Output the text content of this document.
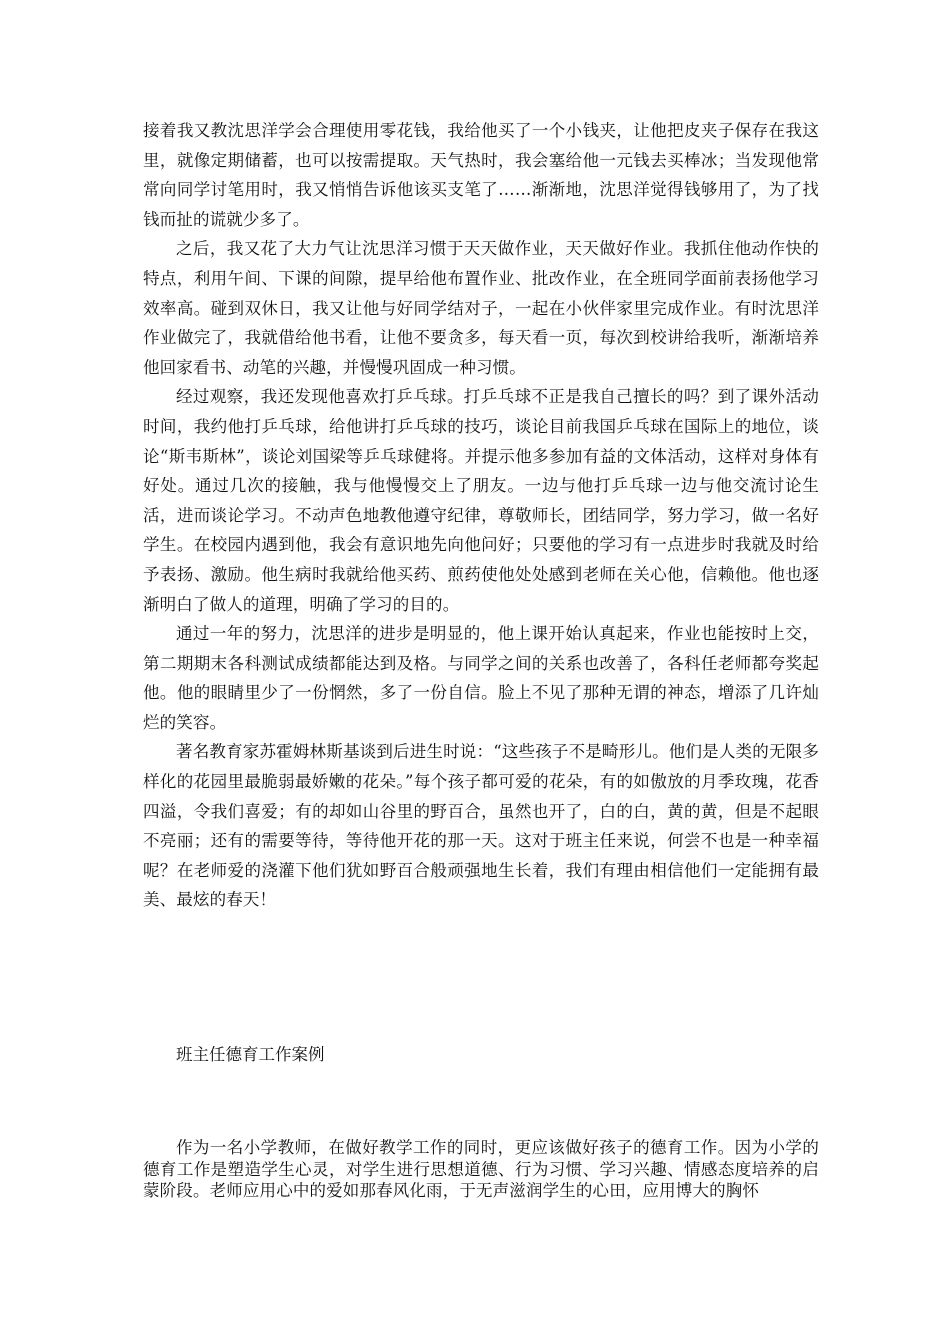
接着我又教沈思洋学会合理使用零花钱，我给他买了一个小钱夹，让他把皮夹子保存在我这里，就像定期储蓄，也可以按需提取。天气热时，我会塞给他一元钱去买棒冰；当发现他常常向同学讨笔用时，我又悄悄告诉他该买支笔了……渐渐地，沈思洋觉得钱够用了，为了找钱而扯的谎就少多了。

之后，我又花了大力气让沈思洋习惯于天天做作业，天天做好作业。我抓住他动作快的特点，利用午间、下课的间隙，提早给他布置作业、批改作业，在全班同学面前表扬他学习效率高。碰到双休日，我又让他与好同学结对子，一起在小伙伴家里完成作业。有时沈思洋作业做完了，我就借给他书看，让他不要贪多，每天看一页，每次到校讲给我听，渐渐培养他回家看书、动笔的兴趣，并慢慢巩固成一种习惯。

经过观察，我还发现他喜欢打乒乓球。打乒乓球不正是我自己擅长的吗？到了课外活动时间，我约他打乒乓球，给他讲打乒乓球的技巧，谈论目前我国乒乓球在国际上的地位，谈论“斯韦斯林”，谈论刘国梁等乒乓球健将。并提示他多参加有益的文体活动，这样对身体有好处。通过几次的接触，我与他慢慢交上了朋友。一边与他打乒乓球一边与他交流讨论生活，进而谈论学习。不动声色地教他遵守纪律，尊敬师长，团结同学，努力学习，做一名好学生。在校园内遇到他，我会有意识地先向他问好；只要他的学习有一点进步时我就及时给予表扬、激励。他生病时我就给他买药、煎药使他处处感到老师在关心他，信赖他。他也逐渐明白了做人的道理，明确了学习的目的。

通过一年的努力，沈思洋的进步是明显的，他上课开始认真起来，作业也能按时上交，第二期期末各科测试成绩都能达到及格。与同学之间的关系也改善了，各科任老师都夸奖起他。他的眼睛里少了一份惘然，多了一份自信。脸上不见了那种无谓的神态，增添了几许灿烂的笑容。

著名教育家苏霍姆林斯基谈到后进生时说：“这些孩子不是畸形儿。他们是人类的无限多样化的花园里最脆弱最娇嫩的花朵。”每个孩子都可爱的花朵，有的如傲放的月季玫瑰，花香四溢，令我们喜爱；有的却如山谷里的野百合，虽然也开了，白的白，黄的黄，但是不起眼不亮丽；还有的需要等待，等待他开花的那一天。这对于班主任来说，何尝不也是一种幸福呢？在老师爱的浇灌下他们犹如野百合般顽强地生长着，我们有理由相信他们一定能拥有最美、最炫的春天！

班主任德育工作案例

作为一名小学教师，在做好教学工作的同时，更应该做好孩子的德育工作。因为小学的德育工作是塑造学生心灵，对学生进行思想道德、行为习惯、学习兴趣、情感态度培养的启蒙阶段。老师应用心中的爱如那春风化雨，于无声滋润学生的心田，应用博大的胸怀
